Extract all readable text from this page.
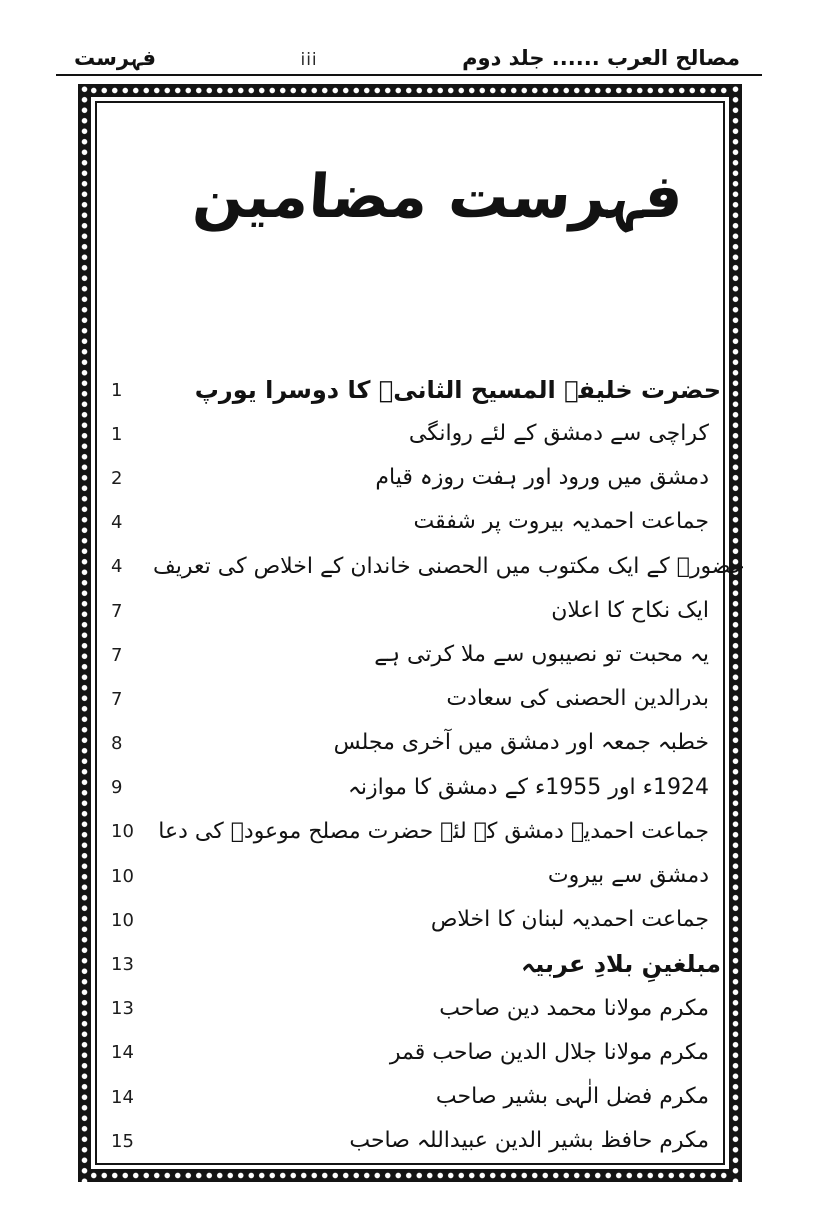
فہرست	iii	مصالح العرب ...... جلد دوم
فہرست مضامین
1	حضرت خلیفۃ المسیح الثانیؓ کا دوسرا یورپ
1	کراچی سے دمشق کے لئے روانگی
2	دمشق میں ورود اور ہفت روزہ قیام
4	جماعت احمدیہ بیروت پر شفقت
4	حضورؓ کے ایک مکتوب میں الحصنی خاندان کے اخلاص کی تعریف
7	ایک نکاح کا اعلان
7	یہ محبت تو نصیبوں سے ملا کرتی ہے
7	بدرالدین الحصنی کی سعادت
8	خطبہ جمعہ اور دمشق میں آخری مجلس
9	1924ء اور 1955ء کے دمشق کا موازنہ
10	جماعت احمدیہ دمشق کے لئے حضرت مصلح موعودؓ کی دعا
10	دمشق سے بیروت
10	جماعت احمدیہ لبنان کا اخلاص
13	مبلغینِ بلادِ عربیہ
13	مکرم مولانا محمد دین صاحب
14	مکرم مولانا جلال الدین صاحب قمر
14	مکرم فضل الٰہی بشیر صاحب
15	مکرم حافظ بشیر الدین عبیداللہ صاحب
